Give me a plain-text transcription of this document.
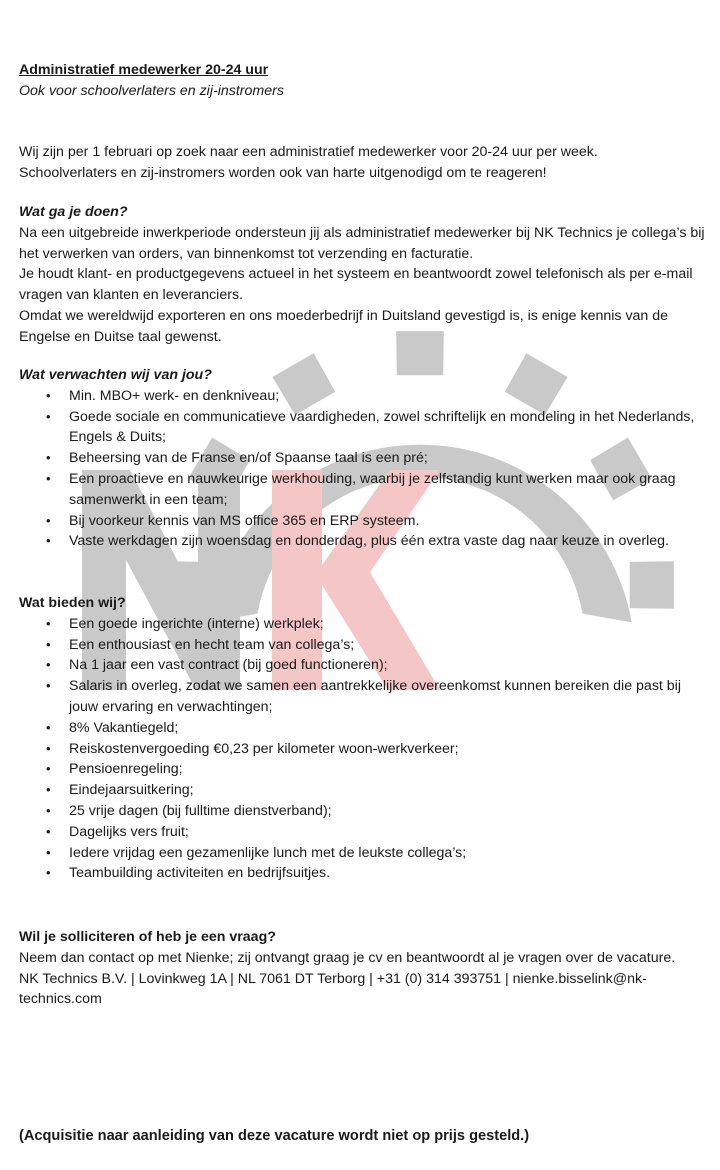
Administratief medewerker 20-24 uur
Ook voor schoolverlaters en zij-instromers

Wij zijn per 1 februari op zoek naar een administratief medewerker voor 20-24 uur per week.

Schoolverlaters en zij-instromers worden ook van harte uitgenodigd om te reageren!

Wat ga je doen?

Na een uitgebreide inwerkperiode ondersteun jij als administratief medewerker bij NK Technics je collega’s bij het verwerken van orders, van binnenkomst tot verzending en facturatie.

Je houdt klant- en productgegevens actueel in het systeem en beantwoordt zowel telefonisch als per e-mail vragen van klanten en leveranciers.

Omdat we wereldwijd exporteren en ons moederbedrijf in Duitsland gevestigd is, is enige kennis van de Engelse en Duitse taal gewenst.

Wat verwachten wij van jou?
• Min. MBO+ werk- en denkniveau;
• Goede sociale en communicatieve vaardigheden, zowel schriftelijk en mondeling in het Nederlands, Engels & Duits;
• Beheersing van de Franse en/of Spaanse taal is een pré;
• Een proactieve en nauwkeurige werkhouding, waarbij je zelfstandig kunt werken maar ook graag samenwerkt in een team;
• Bij voorkeur kennis van MS office 365 en ERP systeem.
• Vaste werkdagen zijn woensdag en donderdag, plus één extra vaste dag naar keuze in overleg.
Wat bieden wij?
• Een goede ingerichte (interne) werkplek;
• Een enthousiast en hecht team van collega’s;
• Na 1 jaar een vast contract (bij goed functioneren);
• Salaris in overleg, zodat we samen een aantrekkelijke overeenkomst kunnen bereiken die past bij jouw ervaring en verwachtingen;
• 8% Vakantiegeld;
• Reiskostenvergoeding €0,23 per kilometer woon-werkverkeer;
• Pensioenregeling;
• Eindejaarsuitkering;
• 25 vrije dagen (bij fulltime dienstverband);
• Dagelijks vers fruit;
• Iedere vrijdag een gezamenlijke lunch met de leukste collega’s;
• Teambuilding activiteiten en bedrijfsuitjes.
Wil je solliciteren of heb je een vraag?

Neem dan contact op met Nienke; zij ontvangt graag je cv en beantwoordt al je vragen over de vacature.

NK Technics B.V. | Lovinkweg 1A | NL 7061 DT Terborg | +31 (0) 314 393751 | nienke.bisselink@nk-technics.com

(Acquisitie naar aanleiding van deze vacature wordt niet op prijs gesteld.)
